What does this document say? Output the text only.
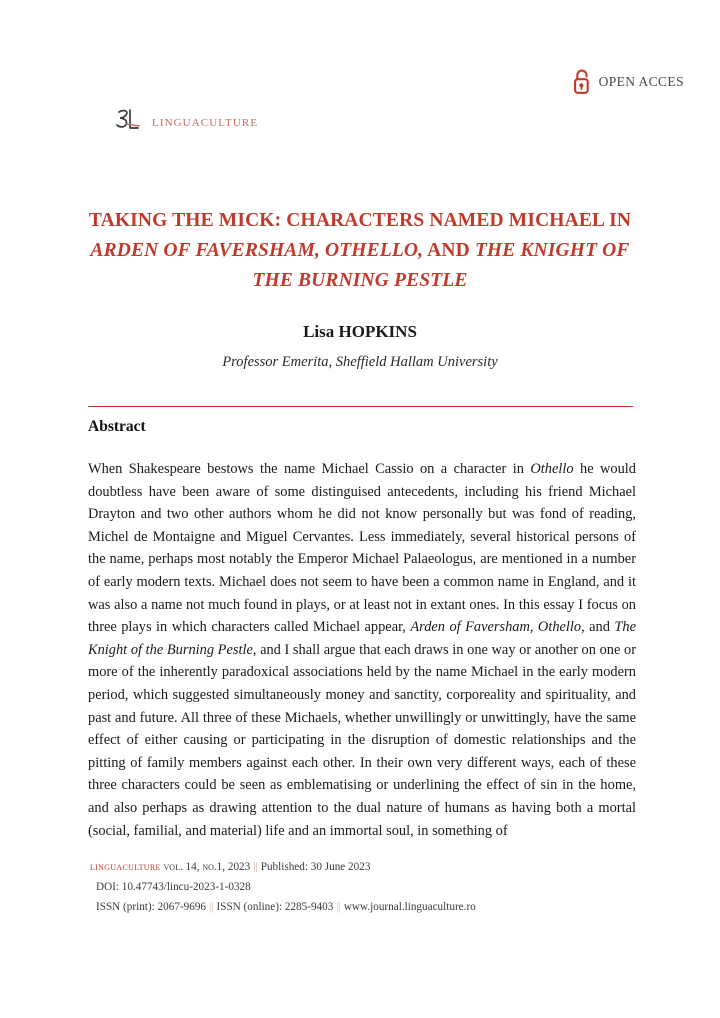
OPEN ACCES
linguaculture
TAKING THE MICK: CHARACTERS NAMED MICHAEL IN
ARDEN OF FAVERSHAM, OTHELLO, AND THE KNIGHT OF
THE BURNING PESTLE
Lisa HOPKINS
Professor Emerita, Sheffield Hallam University
Abstract
When Shakespeare bestows the name Michael Cassio on a character in Othello he would doubtless have been aware of some distinguised antecedents, including his friend Michael Drayton and two other authors whom he did not know personally but was fond of reading, Michel de Montaigne and Miguel Cervantes. Less immediately, several historical persons of the name, perhaps most notably the Emperor Michael Palaeologus, are mentioned in a number of early modern texts. Michael does not seem to have been a common name in England, and it was also a name not much found in plays, or at least not in extant ones. In this essay I focus on three plays in which characters called Michael appear, Arden of Faversham, Othello, and The Knight of the Burning Pestle, and I shall argue that each draws in one way or another on one or more of the inherently paradoxical associations held by the name Michael in the early modern period, which suggested simultaneously money and sanctity, corporeality and spirituality, and past and future. All three of these Michaels, whether unwillingly or unwittingly, have the same effect of either causing or participating in the disruption of domestic relationships and the pitting of family members against each other. In their own very different ways, each of these three characters could be seen as emblematising or underlining the effect of sin in the home, and also perhaps as drawing attention to the dual nature of humans as having both a mortal (social, familial, and material) life and an immortal soul, in something of
linguaculture vol. 14, no.1, 2023 || Published: 30 June 2023
DOI: 10.47743/lincu-2023-1-0328
ISSN (print): 2067-9696 || ISSN (online): 2285-9403 || www.journal.linguaculture.ro
